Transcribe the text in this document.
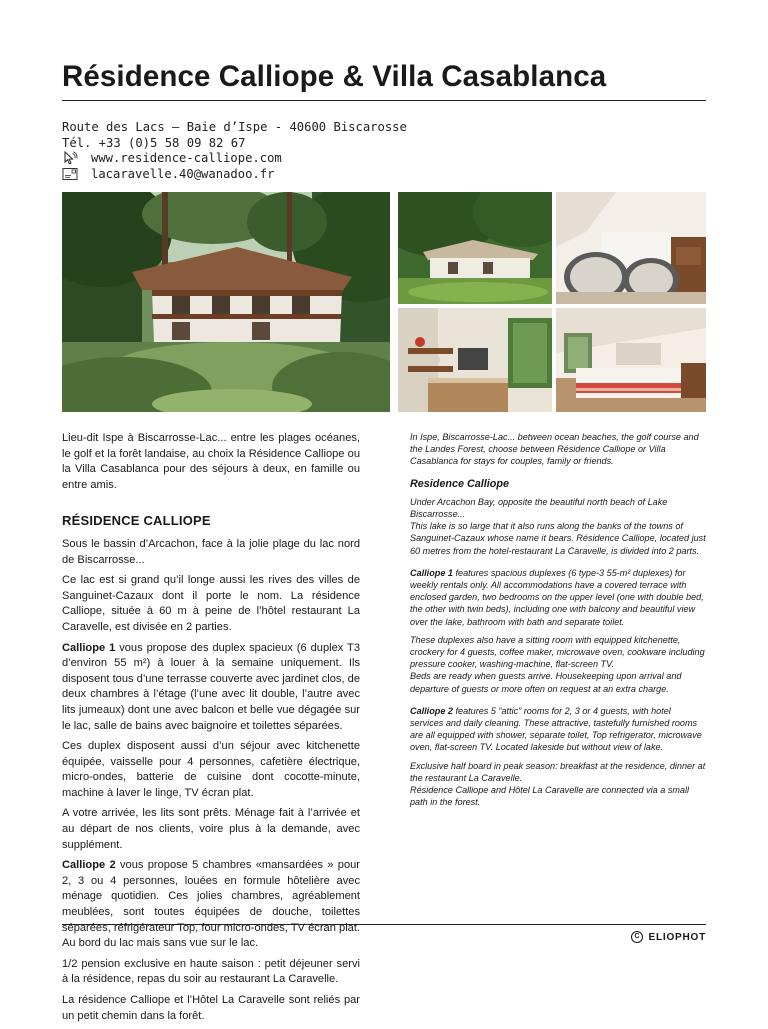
Résidence Calliope & Villa Casablanca
Route des Lacs – Baie d’Ispe - 40600 Biscarosse
Tél. +33 (0)5 58 09 82 67
www.residence-calliope.com
lacaravelle.40@wanadoo.fr

Lieu-dit Ispe à Biscarrosse-Lac... entre les plages océanes, le golf et la forêt landaise, au choix la Résidence Calliope ou la Villa Casablanca pour des séjours à deux, en famille ou entre amis.

RÉSIDENCE CALLIOPE

Sous le bassin d’Arcachon, face à la jolie plage du lac nord de Biscarrosse...

Ce lac est si grand qu’il longe aussi les rives des villes de Sanguinet-Cazaux dont il porte le nom. La résidence Calliope, située à 60 m à peine de l’hôtel restaurant La Caravelle, est divisée en 2 parties.

Calliope 1 vous propose des duplex spacieux (6 duplex T3 d’environ 55 m²) à louer à la semaine uniquement. Ils disposent tous d’une terrasse couverte avec jardinet clos, de deux chambres à l’étage (l’une avec lit double, l’autre avec lits jumeaux) dont une avec balcon et belle vue dégagée sur le lac, salle de bains avec baignoire et toilettes séparées.

Ces duplex disposent aussi d’un séjour avec kitchenette équipée, vaisselle pour 4 personnes, cafetière électrique, micro-ondes, batterie de cuisine dont cocotte-minute, machine à laver le linge, TV écran plat.

A votre arrivée, les lits sont prêts. Ménage fait à l’arrivée et au départ de nos clients, voire plus à la demande, avec supplément.

Calliope 2 vous propose 5 chambres «mansardées » pour 2, 3 ou 4 personnes, louées en formule hôtelière avec ménage quotidien. Ces jolies chambres, agréablement meublées, sont toutes équipées de douche, toilettes séparées, réfrigérateur Top, four micro-ondes, TV écran plat. Au bord du lac mais sans vue sur le lac.

1/2 pension exclusive en haute saison : petit déjeuner servi à la résidence, repas du soir au restaurant La Caravelle.

La résidence Calliope et l’Hôtel La Caravelle sont reliés par un petit chemin dans la forêt.

In Ispe, Biscarrosse-Lac... between ocean beaches, the golf course and the Landes Forest, choose between Résidence Calliope or Villa Casablanca for stays for couples, family or friends.

Residence Calliope
Under Arcachon Bay, opposite the beautiful north beach of Lake Biscarrosse...

This lake is so large that it also runs along the banks of the towns of Sanguinet-Cazaux whose name it bears. Résidence Calliope, located just 60 metres from the hotel-restaurant La Caravelle, is divided into 2 parts.

Calliope 1 features spacious duplexes (6 type-3 55-m² duplexes) for weekly rentals only. All accommodations have a covered terrace with enclosed garden, two bedrooms on the upper level (one with double bed, the other with twin beds), including one with balcony and beautiful view over the lake, bathroom with bath and separate toilet.

These duplexes also have a sitting room with equipped kitchenette, crockery for 4 guests, coffee maker, microwave oven, cookware including pressure cooker, washing-machine, flat-screen TV.

Beds are ready when guests arrive. Housekeeping upon arrival and departure of guests or more often on request at an extra charge.

Calliope 2 features 5 “attic” rooms for 2, 3 or 4 guests, with hotel services and daily cleaning. These attractive, tastefully furnished rooms are all equipped with shower, separate toilet, Top refrigerator, microwave oven, flat-screen TV. Located lakeside but without view of lake.

Exclusive half board in peak season: breakfast at the residence, dinner at the restaurant La Caravelle.
Résidence Calliope and Hôtel La Caravelle are connected via a small path in the forest.
C ELIOPHOT
